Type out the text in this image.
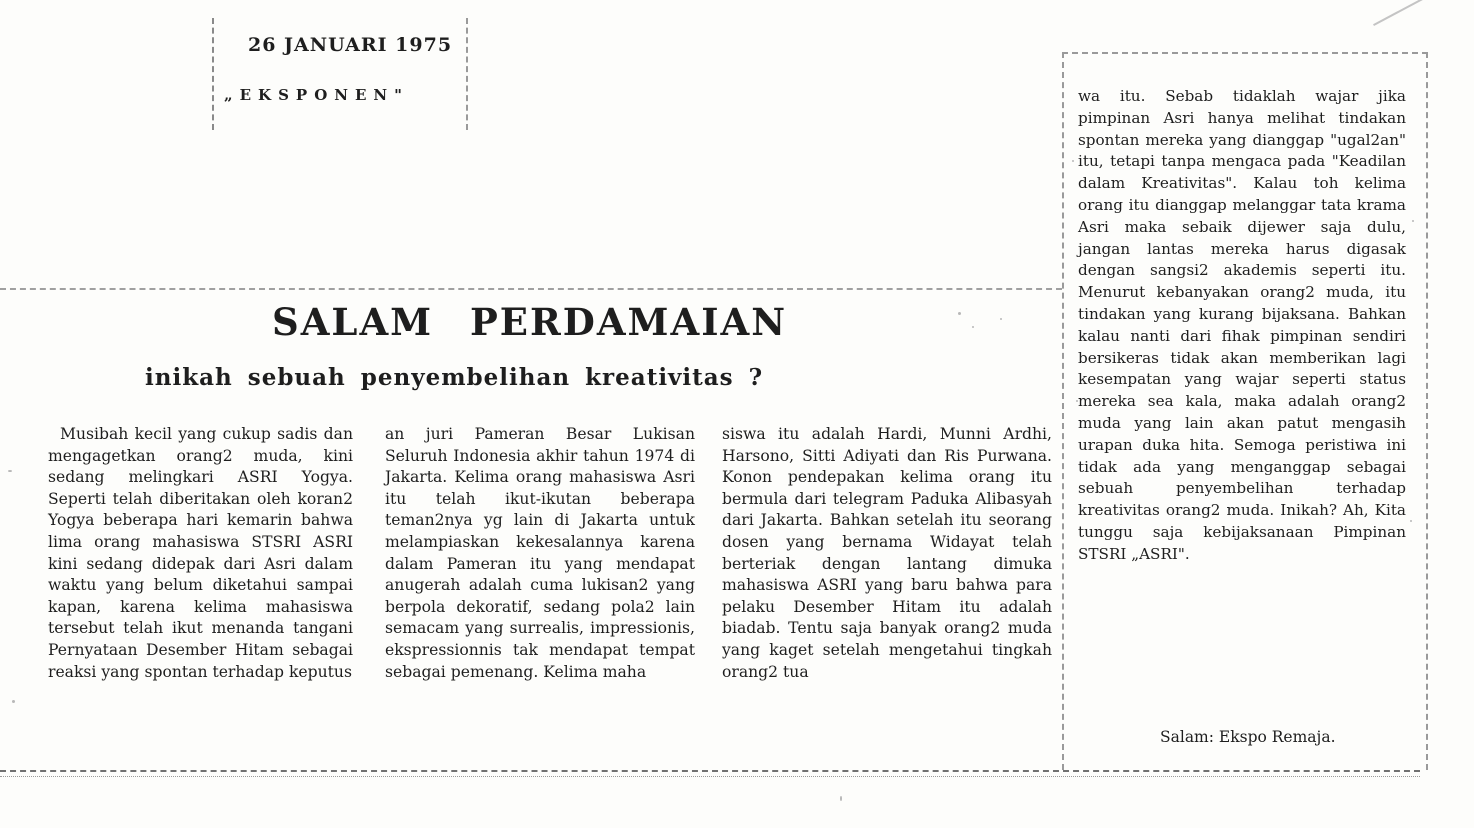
26 JANUARI 1975
„EKSPONEN"
SALAM PERDAMAIAN
inikah sebuah penyembelihan kreativitas ?

Musibah kecil yang cukup sadis dan mengagetkan orang2 muda, kini sedang melingkari ASRI Yogya. Seperti telah diberitakan oleh koran2 Yogya beberapa hari kemarin bahwa lima orang mahasiswa STSRI ASRI kini sedang didepak dari Asri dalam waktu yang belum diketahui sampai kapan, karena kelima mahasiswa tersebut telah ikut menanda tangani Pernyataan Desember Hitam sebagai reaksi yang spontan terhadap keputus

an juri Pameran Besar Lukisan Seluruh Indonesia akhir tahun 1974 di Jakarta. Kelima orang mahasiswa Asri itu telah ikut-ikutan beberapa teman2nya yg lain di Jakarta untuk melampiaskan kekesalannya karena dalam Pameran itu yang mendapat anugerah adalah cuma lukisan2 yang berpola dekoratif, sedang pola2 lain semacam yang surrealis, impressionis, ekspressionnis tak mendapat tempat sebagai pemenang. Kelima maha

siswa itu adalah Hardi, Munni Ardhi, Harsono, Sitti Adiyati dan Ris Purwana. Konon pendepakan kelima orang itu bermula dari telegram Paduka Alibasyah dari Jakarta. Bahkan setelah itu seorang dosen yang bernama Widayat telah berteriak dengan lantang dimuka mahasiswa ASRI yang baru bahwa para pelaku Desember Hitam itu adalah biadab. Tentu saja banyak orang2 muda yang kaget setelah mengetahui tingkah orang2 tua

wa itu. Sebab tidaklah wajar jika pimpinan Asri hanya melihat tindakan spontan mereka yang dianggap "ugal2an" itu, tetapi tanpa mengaca pada "Keadilan dalam Kreativitas". Kalau toh kelima orang itu dianggap melanggar tata krama Asri maka sebaik dijewer saja dulu, jangan lantas mereka harus digasak dengan sangsi2 akademis seperti itu. Menurut kebanyakan orang2 muda, itu tindakan yang kurang bijaksana. Bahkan kalau nanti dari fihak pimpinan sendiri bersikeras tidak akan memberikan lagi kesempatan yang wajar seperti status mereka sea kala, maka adalah orang2 muda yang lain akan patut mengasih urapan duka hita. Semoga peristiwa ini tidak ada yang menganggap sebagai sebuah penyembelihan terhadap kreativitas orang2 muda. Inikah? Ah, Kita tunggu saja kebijaksanaan Pimpinan STSRI „ASRI".

Salam: Ekspo Remaja.
